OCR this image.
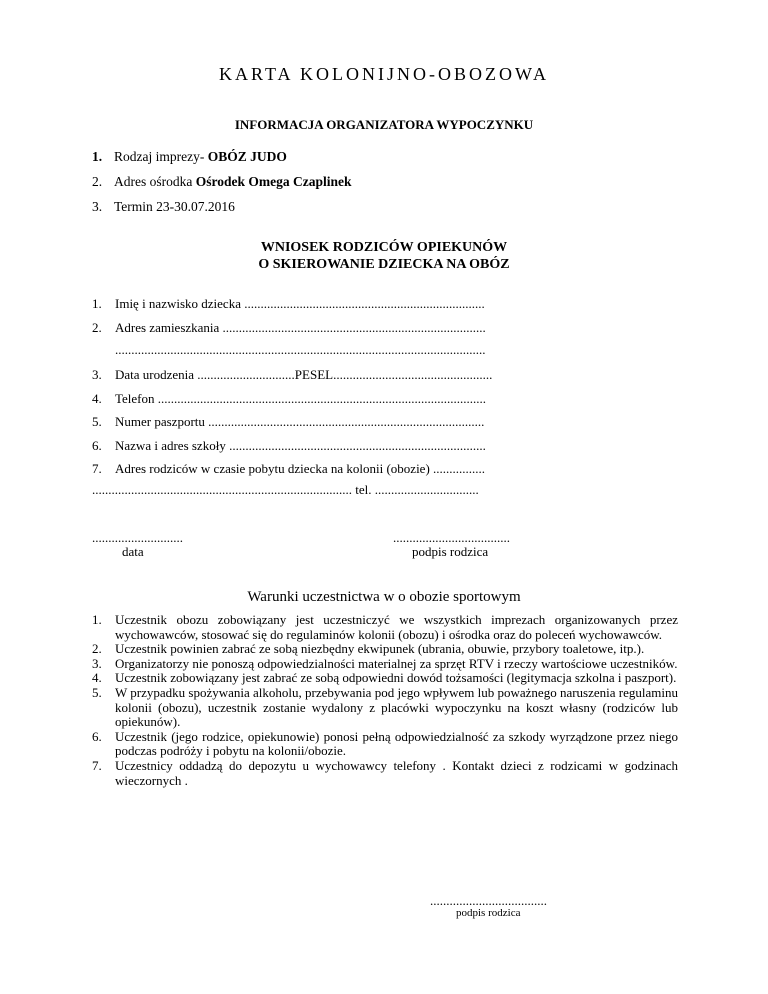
KARTA KOLONIJNO-OBOZOWA
INFORMACJA ORGANIZATORA WYPOCZYNKU
1. Rodzaj imprezy- OBÓZ JUDO
2. Adres ośrodka Ośrodek Omega Czaplinek
3. Termin 23-30.07.2016
WNIOSEK RODZICÓW OPIEKUNÓW
O SKIEROWANIE DZIECKA NA OBÓZ
1. Imię i nazwisko dziecka ..........................................................................
2. Adres zamieszkania .................................................................................
..................................................................................................................
3. Data urodzenia ..............................PESEL.................................................
4. Telefon .....................................................................................................
5. Numer paszportu .....................................................................................
6. Nazwa i adres szkoły ...............................................................................
7. Adres rodziców w czasie pobytu dziecka na kolonii (obozie) ................
................................................................................ tel. ................................
............................
data
....................................
podpis rodzica
Warunki uczestnictwa w o obozie sportowym
1. Uczestnik obozu zobowiązany jest uczestniczyć we wszystkich imprezach organizowanych przez wychowawców, stosować się do regulaminów kolonii (obozu) i ośrodka oraz do poleceń wychowawców.
2. Uczestnik powinien zabrać ze sobą niezbędny ekwipunek (ubrania, obuwie, przybory toaletowe, itp.).
3. Organizatorzy nie ponoszą odpowiedzialności materialnej za sprzęt RTV i rzeczy wartościowe uczestników.
4. Uczestnik zobowiązany jest zabrać ze sobą odpowiedni dowód tożsamości (legitymacja szkolna i paszport).
5. W przypadku spożywania alkoholu, przebywania pod jego wpływem lub poważnego naruszenia regulaminu kolonii (obozu), uczestnik zostanie wydalony z placówki wypoczynku na koszt własny (rodziców lub opiekunów).
6. Uczestnik (jego rodzice, opiekunowie) ponosi pełną odpowiedzialność za szkody wyrządzone przez niego podczas podróży i pobytu na kolonii/obozie.
7. Uczestnicy oddadzą do depozytu u wychowawcy telefony . Kontakt dzieci z rodzicami w godzinach wieczornych .
....................................
podpis rodzica
